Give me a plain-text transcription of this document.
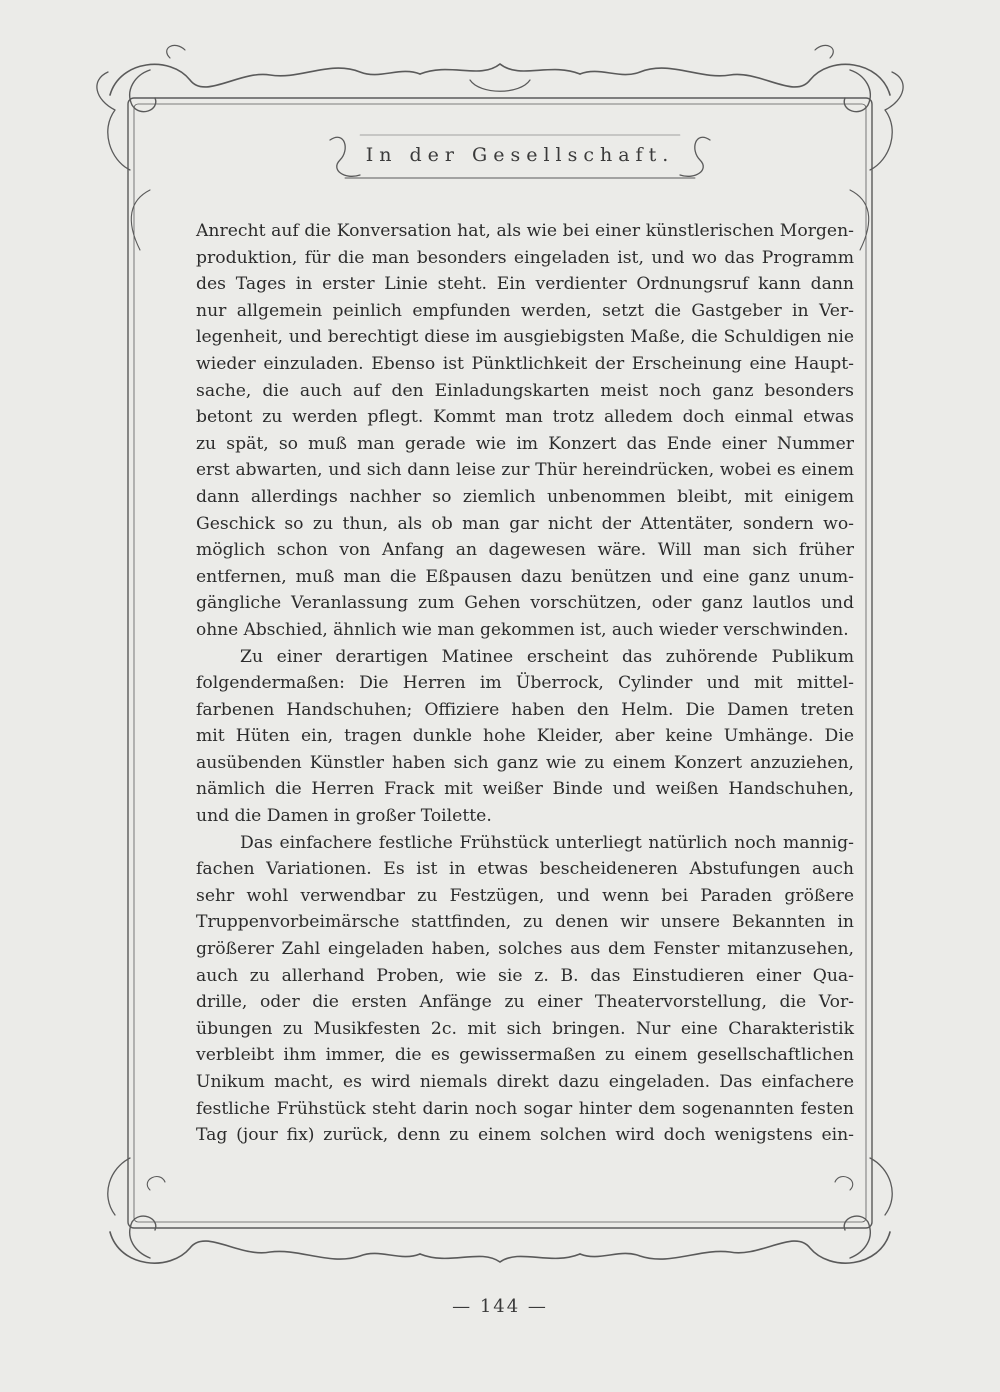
In der Gesellschaft.
Anrecht auf die Konversation hat, als wie bei einer künstlerischen Morgen-
produktion, für die man besonders eingeladen ist, und wo das Programm
des Tages in erster Linie steht. Ein verdienter Ordnungsruf kann dann
nur allgemein peinlich empfunden werden, setzt die Gastgeber in Ver-
legenheit, und berechtigt diese im ausgiebigsten Maße, die Schuldigen nie
wieder einzuladen. Ebenso ist Pünktlichkeit der Erscheinung eine Haupt-
sache, die auch auf den Einladungskarten meist noch ganz besonders
betont zu werden pflegt. Kommt man trotz alledem doch einmal etwas
zu spät, so muß man gerade wie im Konzert das Ende einer Nummer
erst abwarten, und sich dann leise zur Thür hereindrücken, wobei es einem
dann allerdings nachher so ziemlich unbenommen bleibt, mit einigem
Geschick so zu thun, als ob man gar nicht der Attentäter, sondern wo-
möglich schon von Anfang an dagewesen wäre. Will man sich früher
entfernen, muß man die Eßpausen dazu benützen und eine ganz unum-
gängliche Veranlassung zum Gehen vorschützen, oder ganz lautlos und
ohne Abschied, ähnlich wie man gekommen ist, auch wieder verschwinden.
Zu einer derartigen Matinee erscheint das zuhörende Publikum
folgendermaßen: Die Herren im Überrock, Cylinder und mit mittel-
farbenen Handschuhen; Offiziere haben den Helm. Die Damen treten
mit Hüten ein, tragen dunkle hohe Kleider, aber keine Umhänge. Die
ausübenden Künstler haben sich ganz wie zu einem Konzert anzuziehen,
nämlich die Herren Frack mit weißer Binde und weißen Handschuhen,
und die Damen in großer Toilette.
Das einfachere festliche Frühstück unterliegt natürlich noch mannig-
fachen Variationen. Es ist in etwas bescheideneren Abstufungen auch
sehr wohl verwendbar zu Festzügen, und wenn bei Paraden größere
Truppenvorbeimärsche stattfinden, zu denen wir unsere Bekannten in
größerer Zahl eingeladen haben, solches aus dem Fenster mitanzusehen,
auch zu allerhand Proben, wie sie z. B. das Einstudieren einer Qua-
drille, oder die ersten Anfänge zu einer Theatervorstellung, die Vor-
übungen zu Musikfesten 2c. mit sich bringen. Nur eine Charakteristik
verbleibt ihm immer, die es gewissermaßen zu einem gesellschaftlichen
Unikum macht, es wird niemals direkt dazu eingeladen. Das einfachere
festliche Frühstück steht darin noch sogar hinter dem sogenannten festen
Tag (jour fix) zurück, denn zu einem solchen wird doch wenigstens ein-
— 144 —
